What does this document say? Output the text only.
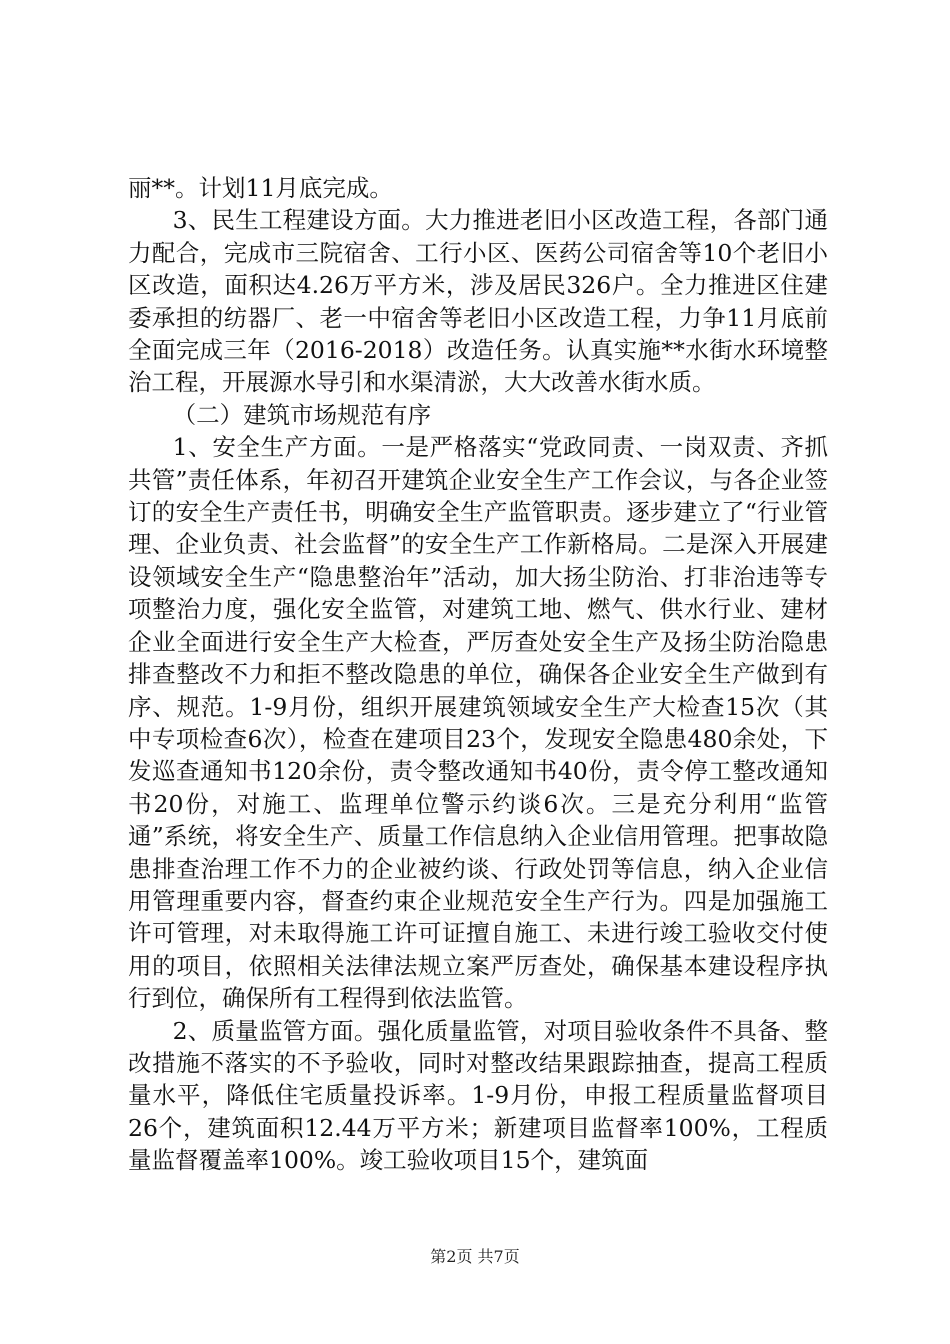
丽**。计划11月底完成。

3、民生工程建设方面。大力推进老旧小区改造工程，各部门通力配合，完成市三院宿舍、工行小区、医药公司宿舍等10个老旧小区改造，面积达4.26万平方米，涉及居民326户。全力推进区住建委承担的纺器厂、老一中宿舍等老旧小区改造工程，力争11月底前全面完成三年（2016-2018）改造任务。认真实施**水街水环境整治工程，开展源水导引和水渠清淤，大大改善水街水质。

（二）建筑市场规范有序

1、安全生产方面。一是严格落实“党政同责、一岗双责、齐抓共管”责任体系，年初召开建筑企业安全生产工作会议，与各企业签订的安全生产责任书，明确安全生产监管职责。逐步建立了“行业管理、企业负责、社会监督”的安全生产工作新格局。二是深入开展建设领域安全生产“隐患整治年”活动，加大扬尘防治、打非治违等专项整治力度，强化安全监管，对建筑工地、燃气、供水行业、建材企业全面进行安全生产大检查，严厉查处安全生产及扬尘防治隐患排查整改不力和拒不整改隐患的单位，确保各企业安全生产做到有序、规范。1-9月份，组织开展建筑领域安全生产大检查15次（其中专项检查6次），检查在建项目23个，发现安全隐患480余处，下发巡查通知书120余份，责令整改通知书40份，责令停工整改通知书20份，对施工、监理单位警示约谈6次。三是充分利用“监管通”系统，将安全生产、质量工作信息纳入企业信用管理。把事故隐患排查治理工作不力的企业被约谈、行政处罚等信息，纳入企业信用管理重要内容，督查约束企业规范安全生产行为。四是加强施工许可管理，对未取得施工许可证擅自施工、未进行竣工验收交付使用的项目，依照相关法律法规立案严厉查处，确保基本建设程序执行到位，确保所有工程得到依法监管。

2、质量监管方面。强化质量监管，对项目验收条件不具备、整改措施不落实的不予验收，同时对整改结果跟踪抽查，提高工程质量水平，降低住宅质量投诉率。1-9月份，申报工程质量监督项目26个，建筑面积12.44万平方米；新建项目监督率100%，工程质量监督覆盖率100%。竣工验收项目15个，建筑面

第2页 共7页
